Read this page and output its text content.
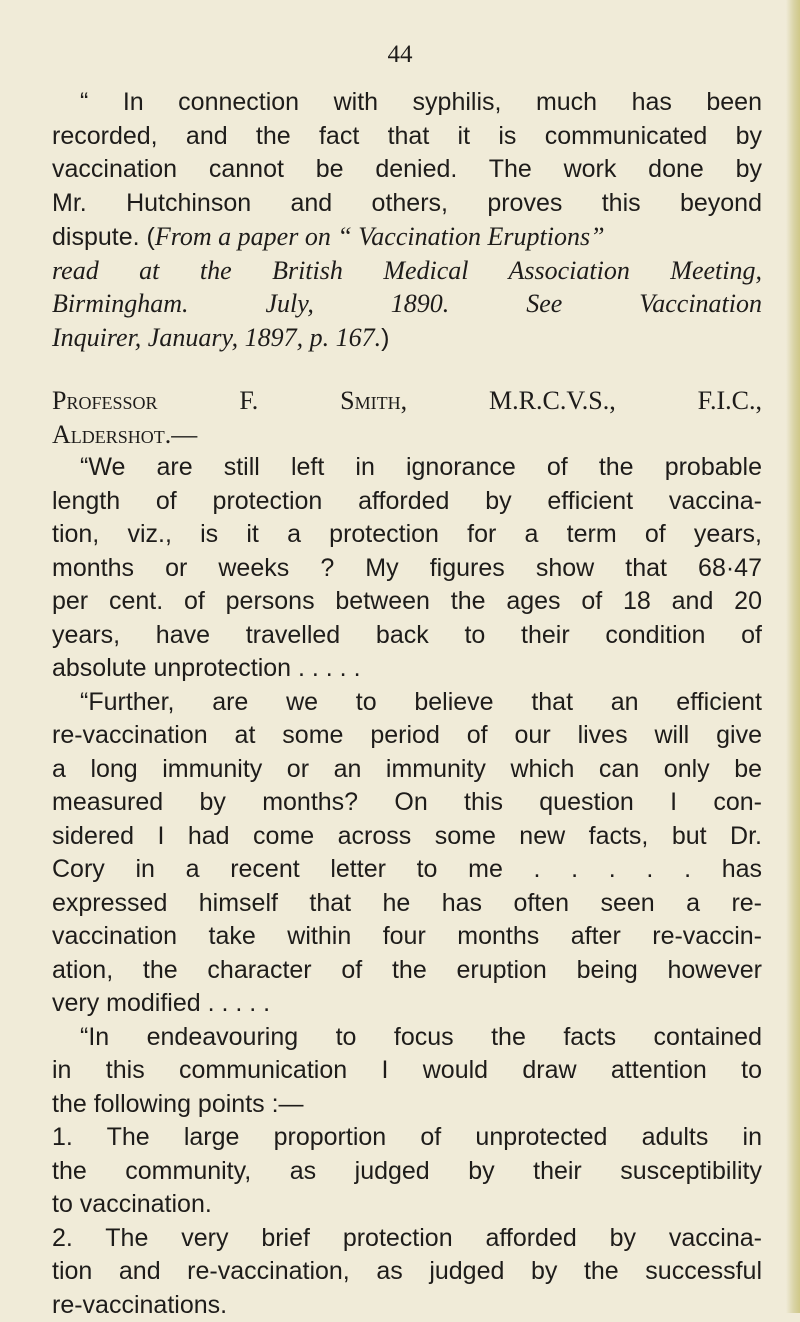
44
“ In connection with syphilis, much has been
recorded, and the fact that it is communicated by
vaccination cannot be denied. The work done by
Mr. Hutchinson and others, proves this beyond
dispute. (From a paper on “ Vaccination Eruptions”
read at the British Medical Association Meeting,
Birmingham. July, 1890. See Vaccination
Inquirer, January, 1897, p. 167.)
Professor F. Smith, M.R.C.V.S., F.I.C.,
Aldershot.—
“We are still left in ignorance of the probable
length of protection afforded by efficient vaccina-
tion, viz., is it a protection for a term of years,
months or weeks ? My figures show that 68·47
per cent. of persons between the ages of 18 and 20
years, have travelled back to their condition of
absolute unprotection . . . . .
“Further, are we to believe that an efficient
re-vaccination at some period of our lives will give
a long immunity or an immunity which can only be
measured by months? On this question I con-
sidered I had come across some new facts, but Dr.
Cory in a recent letter to me . . . . . has
expressed himself that he has often seen a re-
vaccination take within four months after re-vaccin-
ation, the character of the eruption being however
very modified . . . . .
“In endeavouring to focus the facts contained
in this communication I would draw attention to
the following points :—
1. The large proportion of unprotected adults in
the community, as judged by their susceptibility
to vaccination.
2. The very brief protection afforded by vaccina-
tion and re-vaccination, as judged by the successful
re-vaccinations.
